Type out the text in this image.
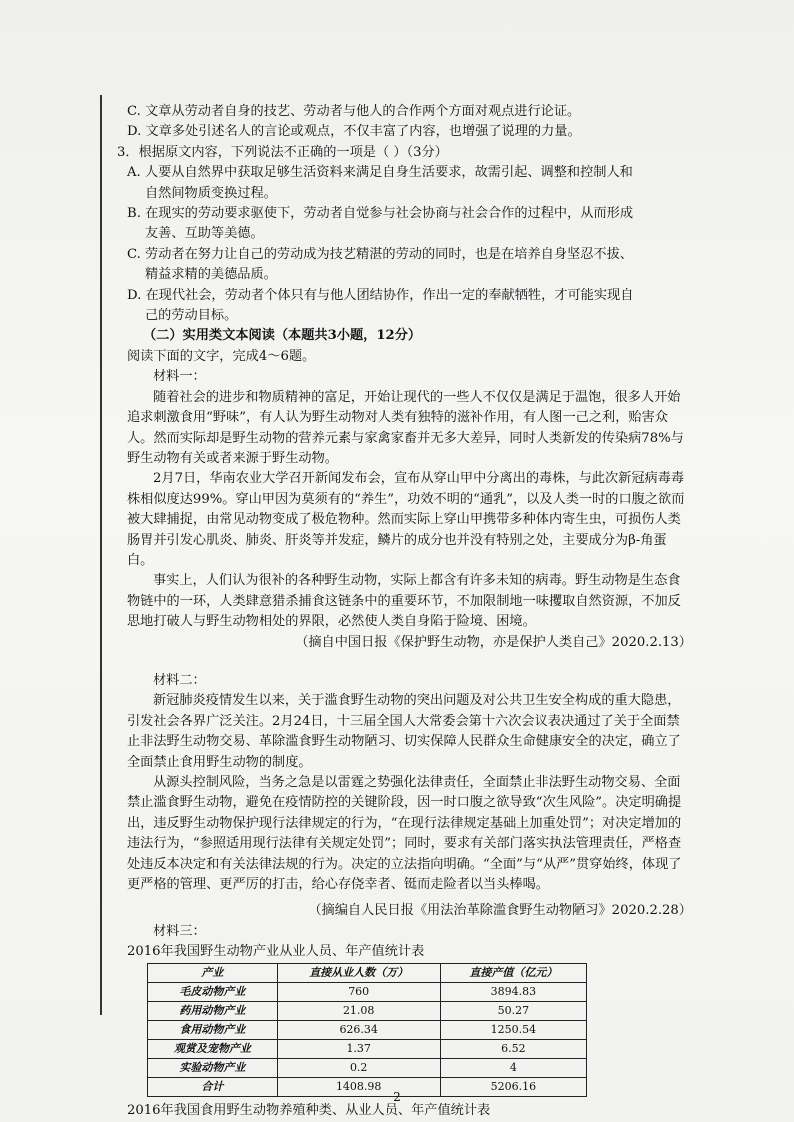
C. 文章从劳动者自身的技艺、劳动者与他人的合作两个方面对观点进行论证。

D. 文章多处引述名人的言论或观点，不仅丰富了内容，也增强了说理的力量。

3．根据原文内容，下列说法不正确的一项是（ ）（3分）

A. 人要从自然界中获取足够生活资料来满足自身生活要求，故需引起、调整和控制人和

自然间物质变换过程。

B. 在现实的劳动要求驱使下，劳动者自觉参与社会协商与社会合作的过程中，从而形成

友善、互助等美德。

C. 劳动者在努力让自己的劳动成为技艺精湛的劳动的同时，也是在培养自身坚忍不拔、

精益求精的美德品质。

D. 在现代社会，劳动者个体只有与他人团结协作，作出一定的奉献牺牲，才可能实现自

己的劳动目标。

（二）实用类文本阅读（本题共3小题，12分）

阅读下面的文字，完成4～6题。

材料一：

随着社会的进步和物质精神的富足，开始让现代的一些人不仅仅是满足于温饱，很多人开始追求刺激食用“野味”，有人认为野生动物对人类有独特的滋补作用，有人图一己之利，贻害众人。然而实际却是野生动物的营养元素与家禽家畜并无多大差异，同时人类新发的传染病78%与野生动物有关或者来源于野生动物。

2月7日，华南农业大学召开新闻发布会，宣布从穿山甲中分离出的毒株，与此次新冠病毒毒株相似度达99%。穿山甲因为莫须有的“养生”，功效不明的“通乳”，以及人类一时的口腹之欲而被大肆捕捉，由常见动物变成了极危物种。然而实际上穿山甲携带多种体内寄生虫，可损伤人类肠胃并引发心肌炎、肺炎、肝炎等并发症，鳞片的成分也并没有特别之处，主要成分为β-角蛋白。

事实上，人们认为很补的各种野生动物，实际上都含有许多未知的病毒。野生动物是生态食物链中的一环，人类肆意猎杀捕食这链条中的重要环节，不加限制地一味攫取自然资源，不加反思地打破人与野生动物相处的界限，必然使人类自身陷于险境、困境。

（摘自中国日报《保护野生动物，亦是保护人类自己》2020.2.13）

材料二：

新冠肺炎疫情发生以来，关于滥食野生动物的突出问题及对公共卫生安全构成的重大隐患，引发社会各界广泛关注。2月24日，十三届全国人大常委会第十六次会议表决通过了关于全面禁止非法野生动物交易、革除滥食野生动物陋习、切实保障人民群众生命健康安全的决定，确立了全面禁止食用野生动物的制度。

从源头控制风险，当务之急是以雷霆之势强化法律责任，全面禁止非法野生动物交易、全面禁止滥食野生动物，避免在疫情防控的关键阶段，因一时口腹之欲导致“次生风险”。决定明确提出，违反野生动物保护现行法律规定的行为，“在现行法律规定基础上加重处罚”；对决定增加的违法行为，“参照适用现行法律有关规定处罚”；同时，要求有关部门落实执法管理责任，严格查处违反本决定和有关法律法规的行为。决定的立法指向明确。“全面”与“从严”贯穿始终，体现了更严格的管理、更严厉的打击，给心存侥幸者、铤而走险者以当头棒喝。

（摘编自人民日报《用法治革除滥食野生动物陋习》2020.2.28）

材料三：

2016年我国野生动物产业从业人员、年产值统计表

产业	直接从业人数（万）	直接产值（亿元）
毛皮动物产业	760	3894.83
药用动物产业	21.08	50.27
食用动物产业	626.34	1250.54
观赏及宠物产业	1.37	6.52
实验动物产业	0.2	4
合计	1408.98	5206.16

2016年我国食用野生动物养殖种类、从业人员、年产值统计表

2
